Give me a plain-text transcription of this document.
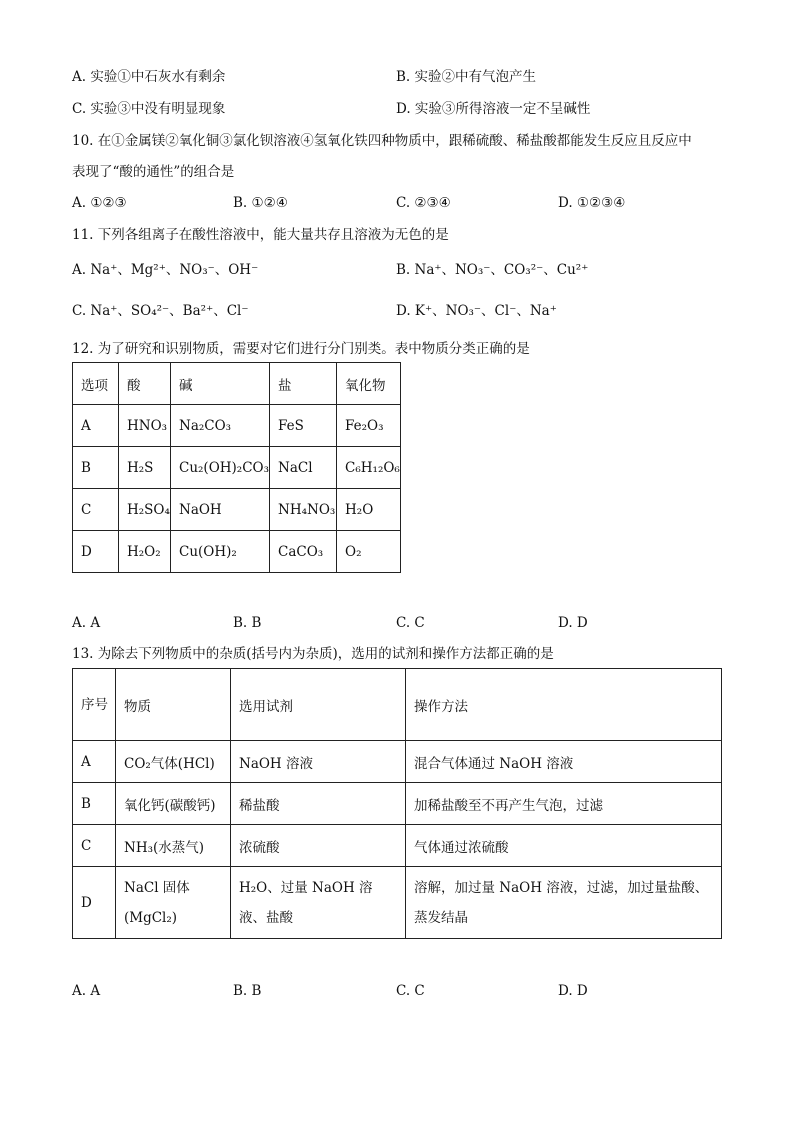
A. 实验①中石灰水有剩余	B. 实验②中有气泡产生
C. 实验③中没有明显现象	D. 实验③所得溶液一定不呈碱性
10. 在①金属镁②氧化铜③氯化钡溶液④氢氧化铁四种物质中，跟稀硫酸、稀盐酸都能发生反应且反应中
表现了“酸的通性”的组合是
A. ①②③	B. ①②④	C. ②③④	D. ①②③④
11. 下列各组离子在酸性溶液中，能大量共存且溶液为无色的是
A. Na⁺、Mg²⁺、NO₃⁻、OH⁻	B. Na⁺、NO₃⁻、CO₃²⁻、Cu²⁺
C. Na⁺、SO₄²⁻、Ba²⁺、Cl⁻	D. K⁺、NO₃⁻、Cl⁻、Na⁺
12. 为了研究和识别物质，需要对它们进行分门别类。表中物质分类正确的是
选项	酸	碱	盐	氧化物
A	HNO₃	Na₂CO₃	FeS	Fe₂O₃
B	H₂S	Cu₂(OH)₂CO₃	NaCl	C₆H₁₂O₆
C	H₂SO₄	NaOH	NH₄NO₃	H₂O
D	H₂O₂	Cu(OH)₂	CaCO₃	O₂
A. A	B. B	C. C	D. D
13. 为除去下列物质中的杂质(括号内为杂质)，选用的试剂和操作方法都正确的是
序号	物质	选用试剂	操作方法
A	CO₂气体(HCl)	NaOH 溶液	混合气体通过 NaOH 溶液
B	氧化钙(碳酸钙)	稀盐酸	加稀盐酸至不再产生气泡，过滤
C	NH₃(水蒸气)	浓硫酸	气体通过浓硫酸
D	NaCl 固体 (MgCl₂)	H₂O、过量 NaOH 溶液、盐酸	溶解，加过量 NaOH 溶液，过滤，加过量盐酸、蒸发结晶
A. A	B. B	C. C	D. D
